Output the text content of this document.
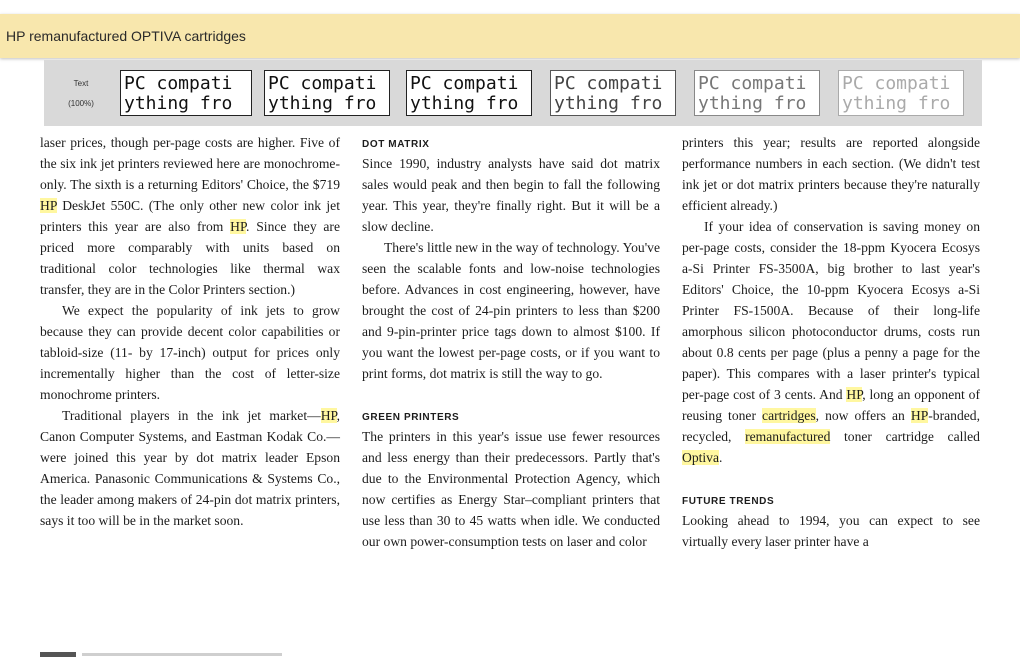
HP remanufactured OPTIVA cartridges
Text
(100%)
PC compati
ything fro
PC compati
ything fro
PC compati
ything fro
PC compati
ything fro
PC compati
ything fro
PC compati
ything fro

laser prices, though per-page costs are higher. Five of the six ink jet printers reviewed here are monochrome-only. The sixth is a returning Editors' Choice, the $719 HP DeskJet 550C. (The only other new color ink jet printers this year are also from HP. Since they are priced more comparably with units based on traditional color technologies like thermal wax transfer, they are in the Color Printers section.)

We expect the popularity of ink jets to grow because they can provide decent color capabilities or tabloid-size (11- by 17-inch) output for prices only incrementally higher than the cost of letter-size monochrome printers.

Traditional players in the ink jet market—HP, Canon Computer Systems, and Eastman Kodak Co.—were joined this year by dot matrix leader Epson America. Panasonic Communications & Systems Co., the leader among makers of 24-pin dot matrix printers, says it too will be in the market soon.

DOT MATRIX

Since 1990, industry analysts have said dot matrix sales would peak and then begin to fall the following year. This year, they're finally right. But it will be a slow decline.

There's little new in the way of technology. You've seen the scalable fonts and low-noise technologies before. Advances in cost engineering, however, have brought the cost of 24-pin printers to less than $200 and 9-pin-printer price tags down to almost $100. If you want the lowest per-page costs, or if you want to print forms, dot matrix is still the way to go.

GREEN PRINTERS

The printers in this year's issue use fewer resources and less energy than their predecessors. Partly that's due to the Environmental Protection Agency, which now certifies as Energy Star–compliant printers that use less than 30 to 45 watts when idle. We conducted our own power-consumption tests on laser and color

printers this year; results are reported alongside performance numbers in each section. (We didn't test ink jet or dot matrix printers because they're naturally efficient already.)

If your idea of conservation is saving money on per-page costs, consider the 18-ppm Kyocera Ecosys a-Si Printer FS-3500A, big brother to last year's Editors' Choice, the 10-ppm Kyocera Ecosys a-Si Printer FS-1500A. Because of their long-life amorphous silicon photoconductor drums, costs run about 0.8 cents per page (plus a penny a page for the paper). This compares with a laser printer's typical per-page cost of 3 cents. And HP, long an opponent of reusing toner cartridges, now offers an HP-branded, recycled, remanufactured toner cartridge called Optiva.

FUTURE TRENDS

Looking ahead to 1994, you can expect to see virtually every laser printer have a
